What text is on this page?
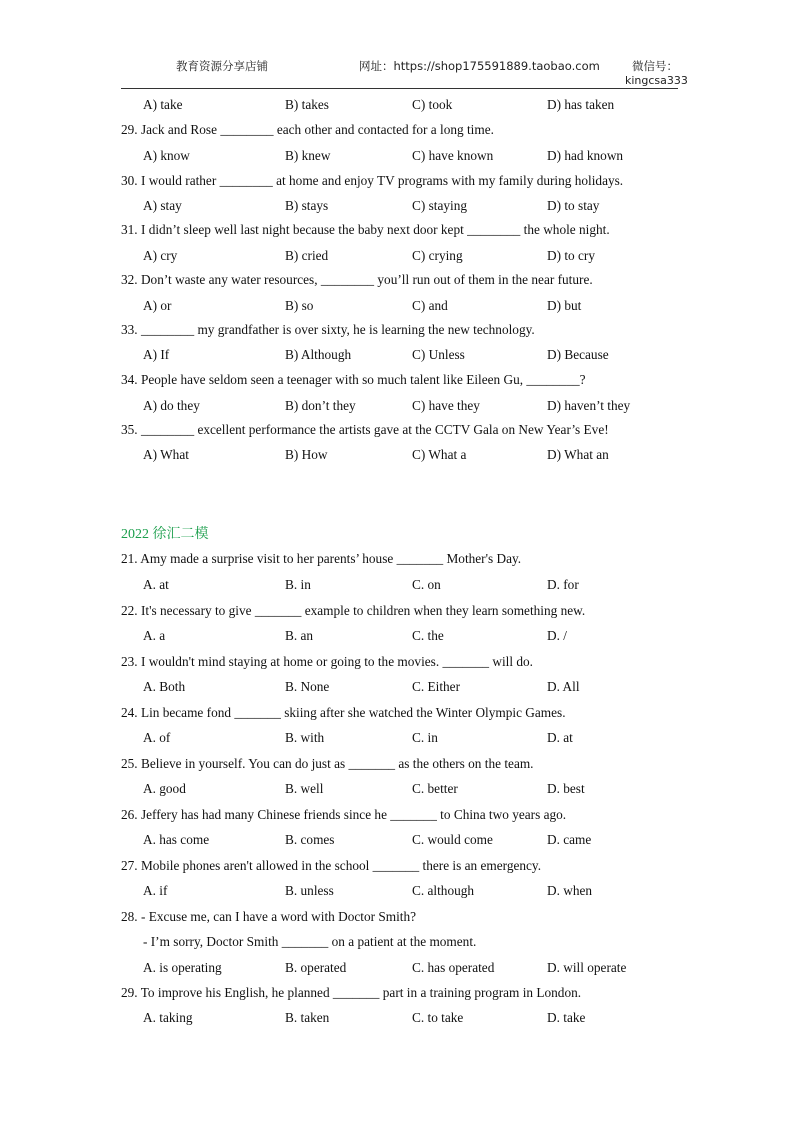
教育资源分享店铺	网址：https://shop175591889.taobao.com	微信号：
kingcsa333
A) take	B) takes	C) took	D) has taken
29. Jack and Rose ________ each other and contacted for a long time.
A) know	B) knew	C) have known	D) had known
30. I would rather ________ at home and enjoy TV programs with my family during holidays.
A) stay	B) stays	C) staying	D) to stay
31. I didn’t sleep well last night because the baby next door kept ________ the whole night.
A) cry	B) cried	C) crying	D) to cry
32. Don’t waste any water resources, ________ you’ll run out of them in the near future.
A) or	B) so	C) and	D) but
33. ________ my grandfather is over sixty, he is learning the new technology.
A) If	B) Although	C) Unless	D) Because
34. People have seldom seen a teenager with so much talent like Eileen Gu, ________?
A) do they	B) don’t they	C) have they	D) haven’t they
35. ________ excellent performance the artists gave at the CCTV Gala on New Year’s Eve!
A) What	B) How	C) What a	D) What an
2022 徐汇二模
21. Amy made a surprise visit to her parents’ house _______ Mother's Day.
A. at	B. in	C. on	D. for
22. It's necessary to give _______ example to children when they learn something new.
A. a	B. an	C. the	D. /
23. I wouldn't mind staying at home or going to the movies. _______ will do.
A. Both	B. None	C. Either	D. All
24. Lin became fond _______ skiing after she watched the Winter Olympic Games.
A. of	B. with	C. in	D. at
25. Believe in yourself. You can do just as _______ as the others on the team.
A. good	B. well	C. better	D. best
26. Jeffery has had many Chinese friends since he _______ to China two years ago.
A. has come	B. comes	C. would come	D. came
27. Mobile phones aren't allowed in the school _______ there is an emergency.
A. if	B. unless	C. although	D. when
28. - Excuse me, can I have a word with Doctor Smith?
- I’m sorry, Doctor Smith _______ on a patient at the moment.
A. is operating	B. operated	C. has operated	D. will operate
29. To improve his English, he planned _______ part in a training program in London.
A. taking	B. taken	C. to take	D. take
